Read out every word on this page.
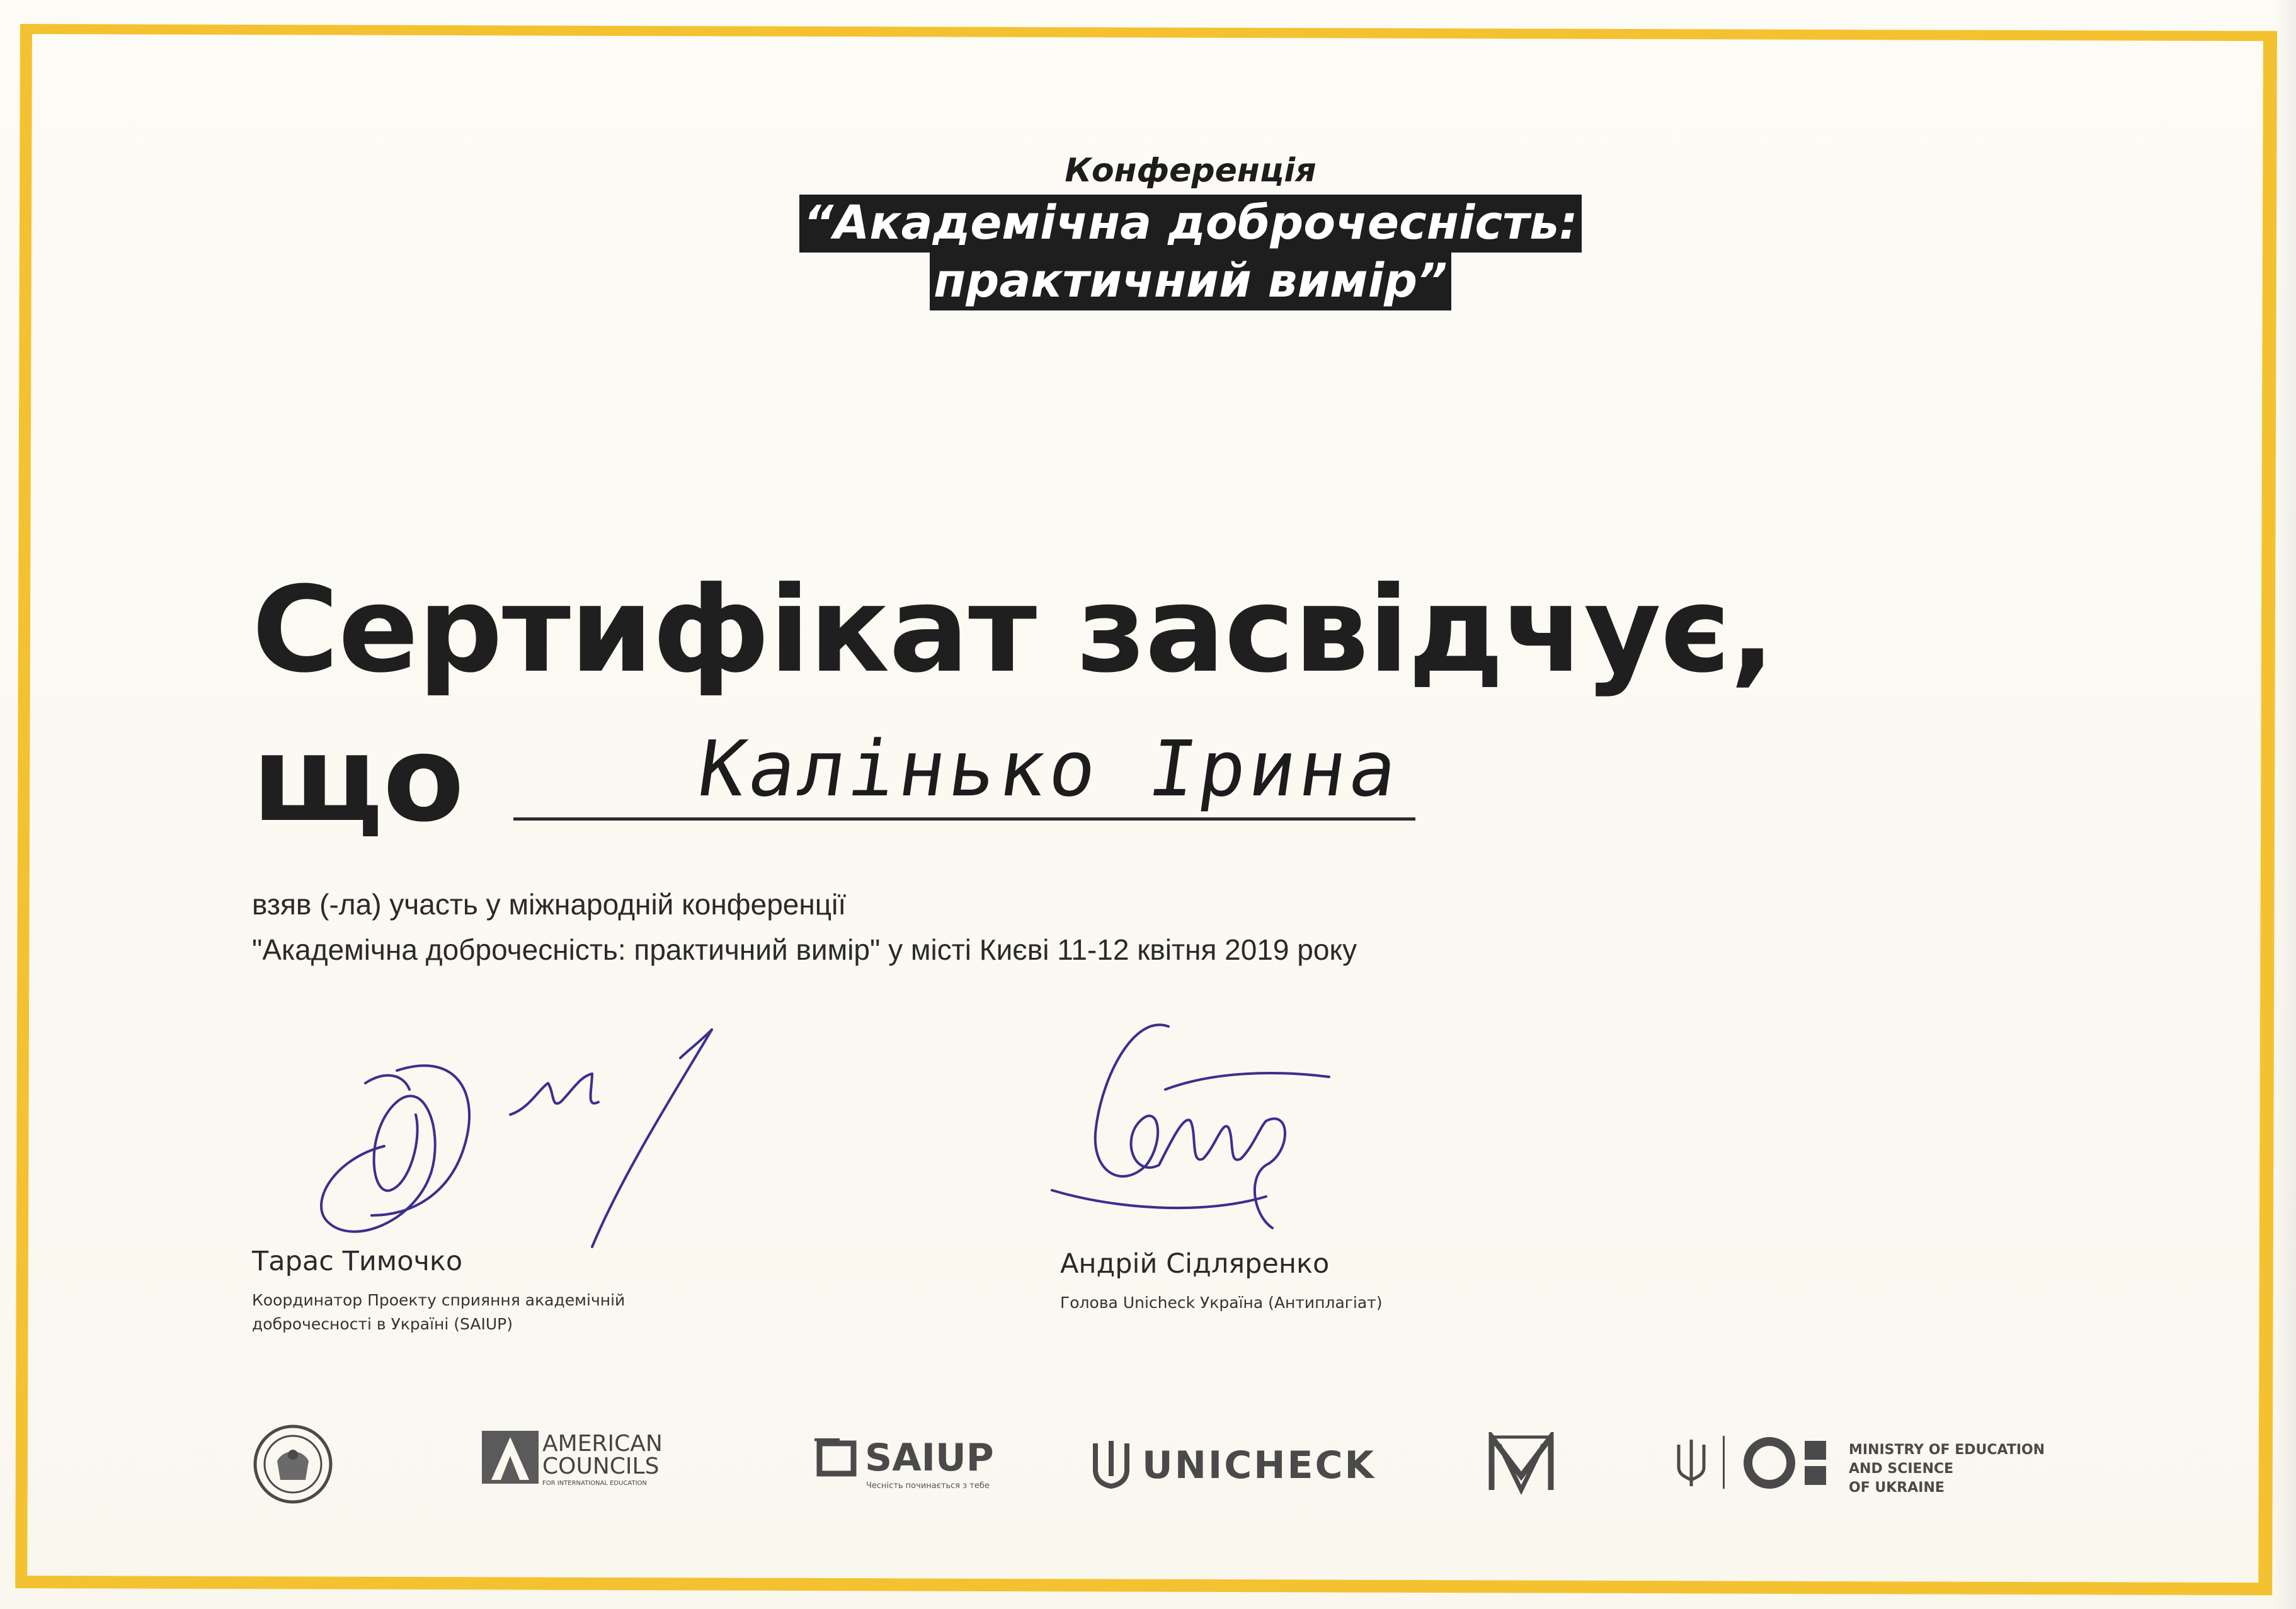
Конференція
“Академічна доброчесність:
практичний вимір”
Сертифікат засвідчує,
що	Калінько Ірина
взяв (-ла) участь у міжнародній конференції
"Академічна доброчесність: практичний вимір" у місті Києві 11-12 квітня 2019 року
Тарас Тимочко
Координатор Проекту сприяння академічній
доброчесності в Україні (SAIUP)
Андрій Сідляренко
Голова Unicheck Україна (Антиплагіат)
AMERICAN
COUNCILS
FOR INTERNATIONAL EDUCATION
SAIUP
Чесність починається з тебе	UNICHECK	MINISTRY OF EDUCATION
AND SCIENCE
OF UKRAINE
